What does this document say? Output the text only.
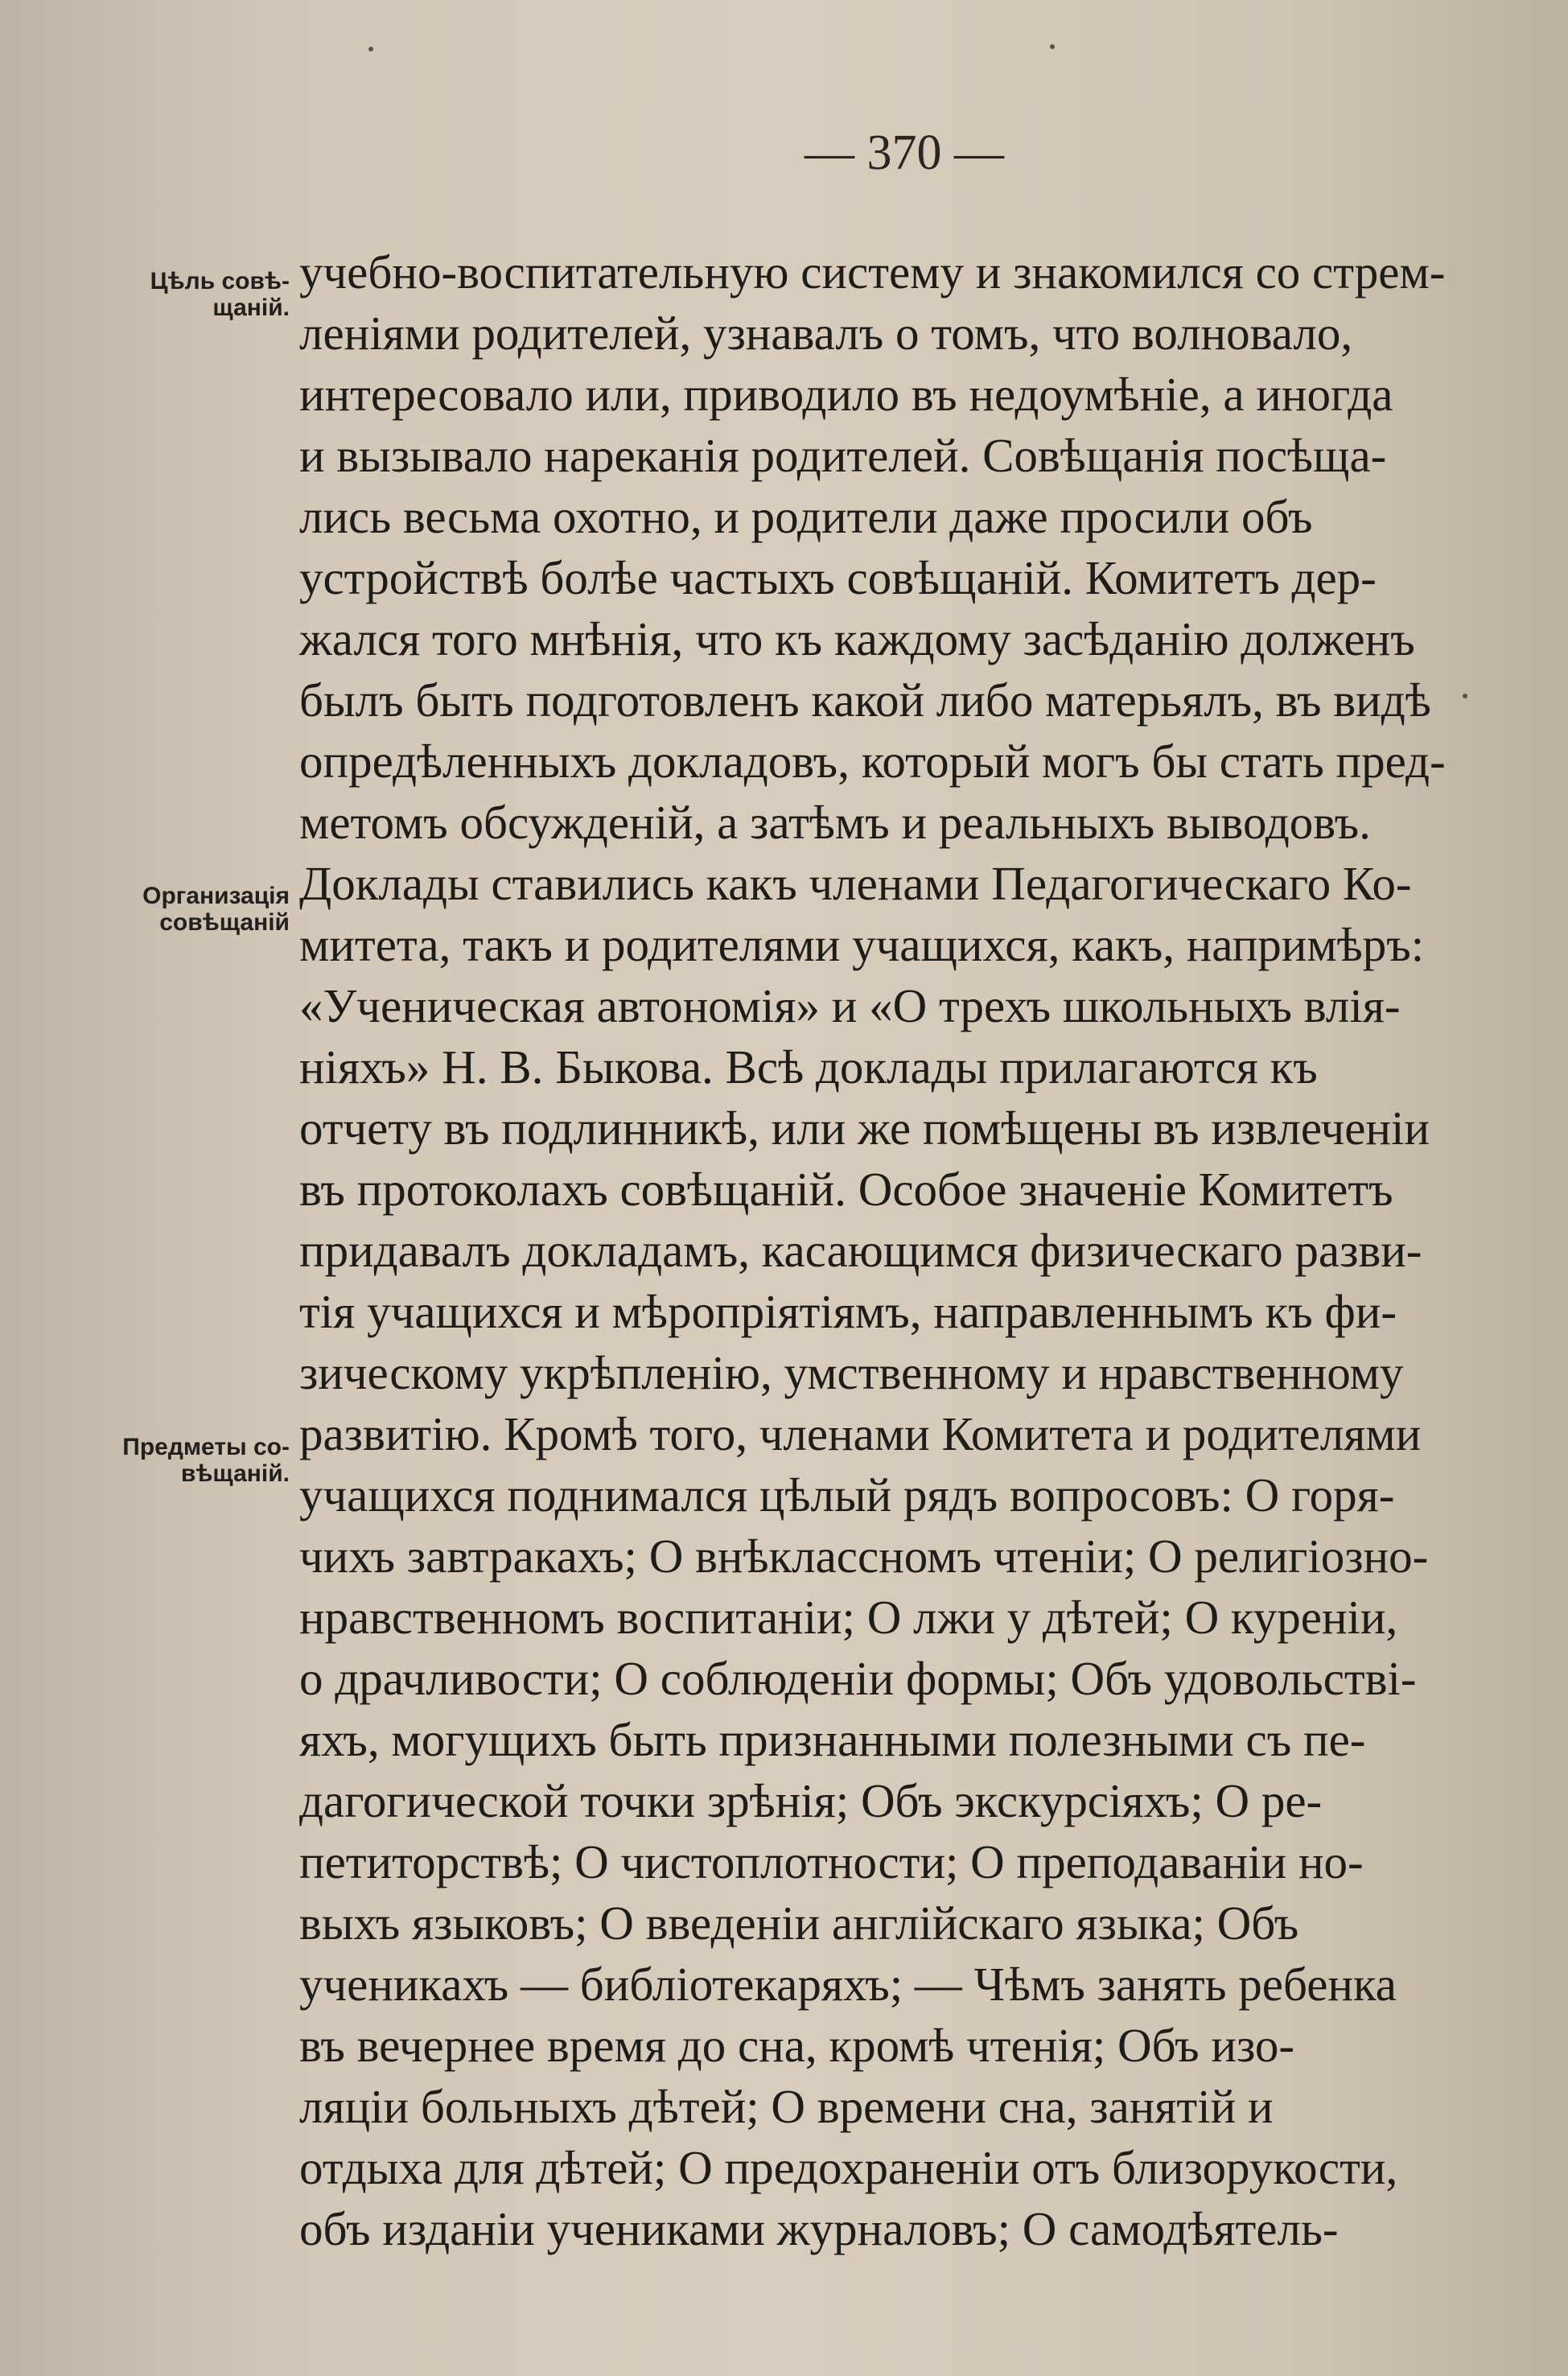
— 370 —
Цѣль совѣ-
щаній.
Организація
совѣщаній
Предметы со-
вѣщаній.
учебно-воспитательную систему и знакомился со стрем-
леніями родителей, узнавалъ о томъ, что волновало,
интересовало или, приводило въ недоумѣніе, а иногда
и вызывало нареканія родителей. Совѣщанія посѣща-
лись весьма охотно, и родители даже просили объ
устройствѣ болѣе частыхъ совѣщаній. Комитетъ дер-
жался того мнѣнія, что къ каждому засѣданію долженъ
былъ быть подготовленъ какой либо матерьялъ, въ видѣ
опредѣленныхъ докладовъ, который могъ бы стать пред-
метомъ обсужденій, а затѣмъ и реальныхъ выводовъ.
Доклады ставились какъ членами Педагогическаго Ко-
митета, такъ и родителями учащихся, какъ, напримѣръ:
«Ученическая автономія» и «О трехъ школьныхъ влія-
ніяхъ» Н. В. Быкова. Всѣ доклады прилагаются къ
отчету въ подлинникѣ, или же помѣщены въ извлеченіи
въ протоколахъ совѣщаній. Особое значеніе Комитетъ
придавалъ докладамъ, касающимся физическаго разви-
тія учащихся и мѣропріятіямъ, направленнымъ къ фи-
зическому укрѣпленію, умственному и нравственному
развитію. Кромѣ того, членами Комитета и родителями
учащихся поднимался цѣлый рядъ вопросовъ: О горя-
чихъ завтракахъ; О внѣклассномъ чтеніи; О религіозно-
нравственномъ воспитаніи; О лжи у дѣтей; О куреніи,
о драчливости; О соблюденіи формы; Объ удовольствi-
яхъ, могущихъ быть признанными полезными съ пе-
дагогической точки зрѣнія; Объ экскурсіяхъ; О ре-
петиторствѣ; О чистоплотности; О преподаваніи но-
выхъ языковъ; О введеніи англійскаго языка; Объ
ученикахъ — библіотекаряхъ; — Чѣмъ занять ребенка
въ вечернее время до сна, кромѣ чтенія; Объ изо-
ляціи больныхъ дѣтей; О времени сна, занятій и
отдыха для дѣтей; О предохраненіи отъ близорукости,
объ изданіи учениками журналовъ; О самодѣятель-
